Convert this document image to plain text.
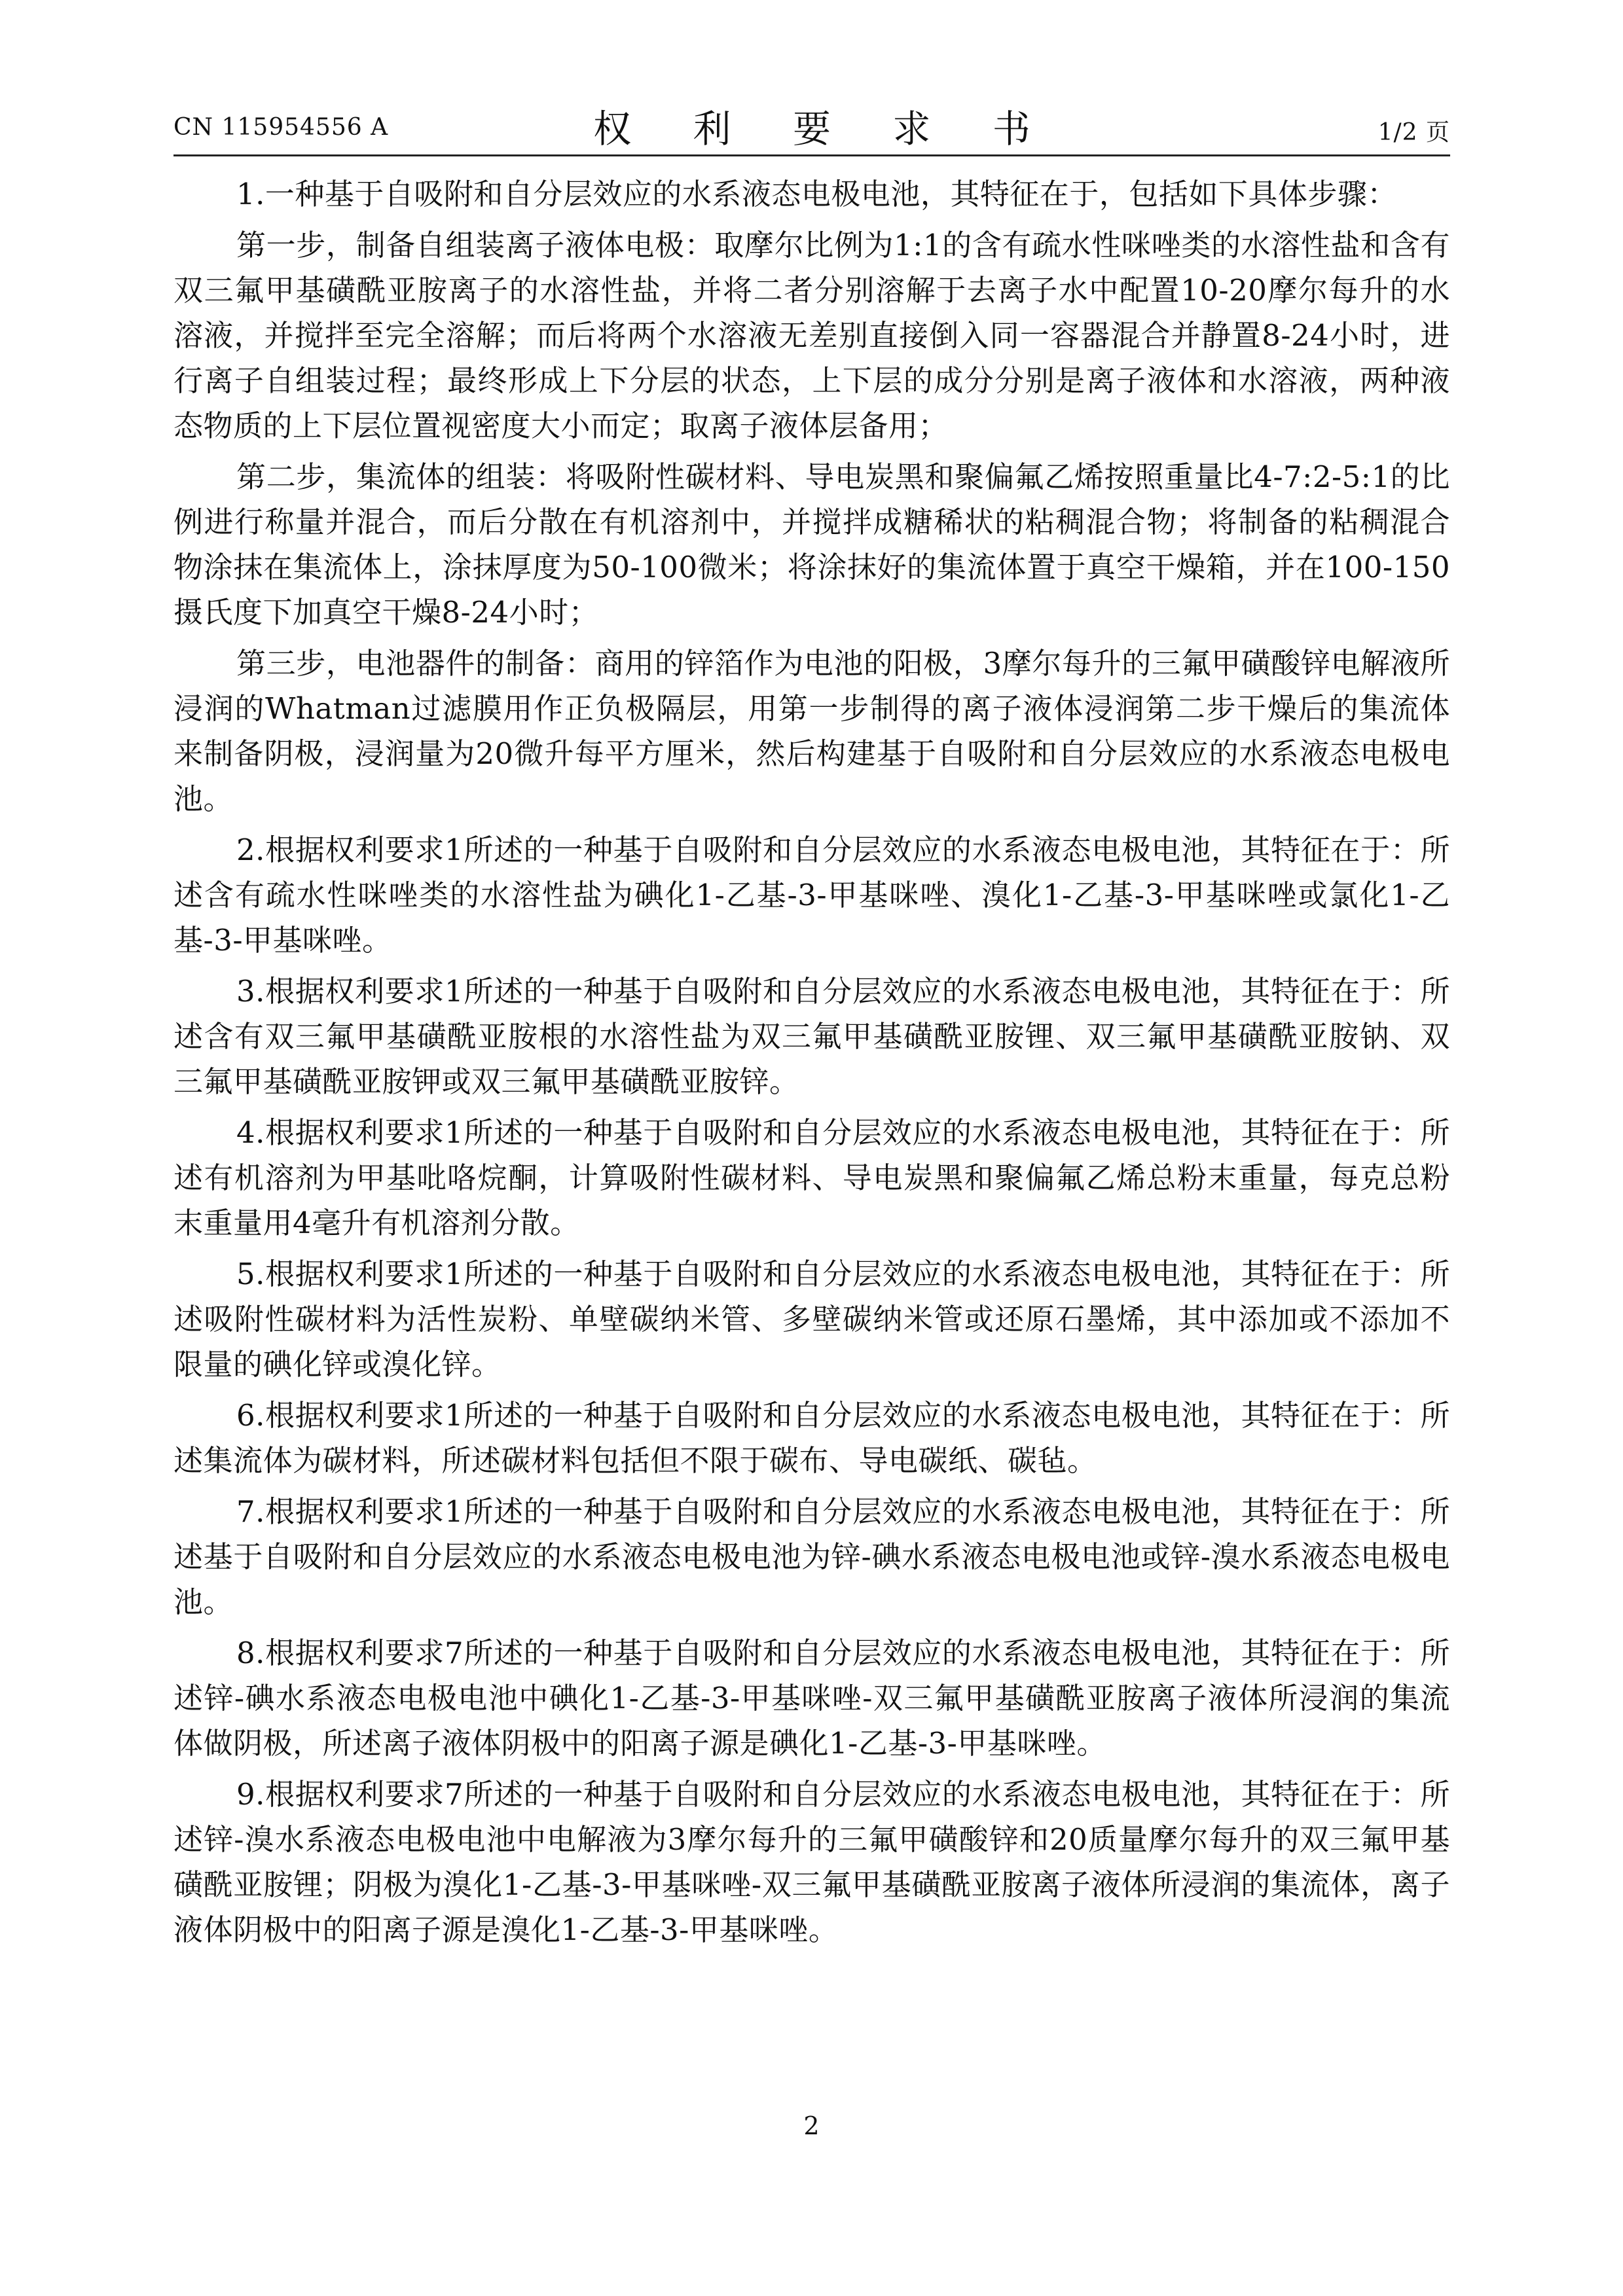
CN 115954556 A	权 利 要 求 书	1/2 页

1.一种基于自吸附和自分层效应的水系液态电极电池，其特征在于，包括如下具体步骤：

第一步，制备自组装离子液体电极：取摩尔比例为1:1的含有疏水性咪唑类的水溶性盐和含有双三氟甲基磺酰亚胺离子的水溶性盐，并将二者分别溶解于去离子水中配置10-20摩尔每升的水溶液，并搅拌至完全溶解；而后将两个水溶液无差别直接倒入同一容器混合并静置8-24小时，进行离子自组装过程；最终形成上下分层的状态，上下层的成分分别是离子液体和水溶液，两种液态物质的上下层位置视密度大小而定；取离子液体层备用；

第二步，集流体的组装：将吸附性碳材料、导电炭黑和聚偏氟乙烯按照重量比4-7:2-5:1的比例进行称量并混合，而后分散在有机溶剂中，并搅拌成糖稀状的粘稠混合物；将制备的粘稠混合物涂抹在集流体上，涂抹厚度为50-100微米；将涂抹好的集流体置于真空干燥箱，并在100-150摄氏度下加真空干燥8-24小时；

第三步，电池器件的制备：商用的锌箔作为电池的阳极，3摩尔每升的三氟甲磺酸锌电解液所浸润的Whatman过滤膜用作正负极隔层，用第一步制得的离子液体浸润第二步干燥后的集流体来制备阴极，浸润量为20微升每平方厘米，然后构建基于自吸附和自分层效应的水系液态电极电池。

2.根据权利要求1所述的一种基于自吸附和自分层效应的水系液态电极电池，其特征在于：所述含有疏水性咪唑类的水溶性盐为碘化1-乙基-3-甲基咪唑、溴化1-乙基-3-甲基咪唑或氯化1-乙基-3-甲基咪唑。

3.根据权利要求1所述的一种基于自吸附和自分层效应的水系液态电极电池，其特征在于：所述含有双三氟甲基磺酰亚胺根的水溶性盐为双三氟甲基磺酰亚胺锂、双三氟甲基磺酰亚胺钠、双三氟甲基磺酰亚胺钾或双三氟甲基磺酰亚胺锌。

4.根据权利要求1所述的一种基于自吸附和自分层效应的水系液态电极电池，其特征在于：所述有机溶剂为甲基吡咯烷酮，计算吸附性碳材料、导电炭黑和聚偏氟乙烯总粉末重量，每克总粉末重量用4毫升有机溶剂分散。

5.根据权利要求1所述的一种基于自吸附和自分层效应的水系液态电极电池，其特征在于：所述吸附性碳材料为活性炭粉、单壁碳纳米管、多壁碳纳米管或还原石墨烯，其中添加或不添加不限量的碘化锌或溴化锌。

6.根据权利要求1所述的一种基于自吸附和自分层效应的水系液态电极电池，其特征在于：所述集流体为碳材料，所述碳材料包括但不限于碳布、导电碳纸、碳毡。

7.根据权利要求1所述的一种基于自吸附和自分层效应的水系液态电极电池，其特征在于：所述基于自吸附和自分层效应的水系液态电极电池为锌-碘水系液态电极电池或锌-溴水系液态电极电池。

8.根据权利要求7所述的一种基于自吸附和自分层效应的水系液态电极电池，其特征在于：所述锌-碘水系液态电极电池中碘化1-乙基-3-甲基咪唑-双三氟甲基磺酰亚胺离子液体所浸润的集流体做阴极，所述离子液体阴极中的阳离子源是碘化1-乙基-3-甲基咪唑。

9.根据权利要求7所述的一种基于自吸附和自分层效应的水系液态电极电池，其特征在于：所述锌-溴水系液态电极电池中电解液为3摩尔每升的三氟甲磺酸锌和20质量摩尔每升的双三氟甲基磺酰亚胺锂；阴极为溴化1-乙基-3-甲基咪唑-双三氟甲基磺酰亚胺离子液体所浸润的集流体，离子液体阴极中的阳离子源是溴化1-乙基-3-甲基咪唑。

2
